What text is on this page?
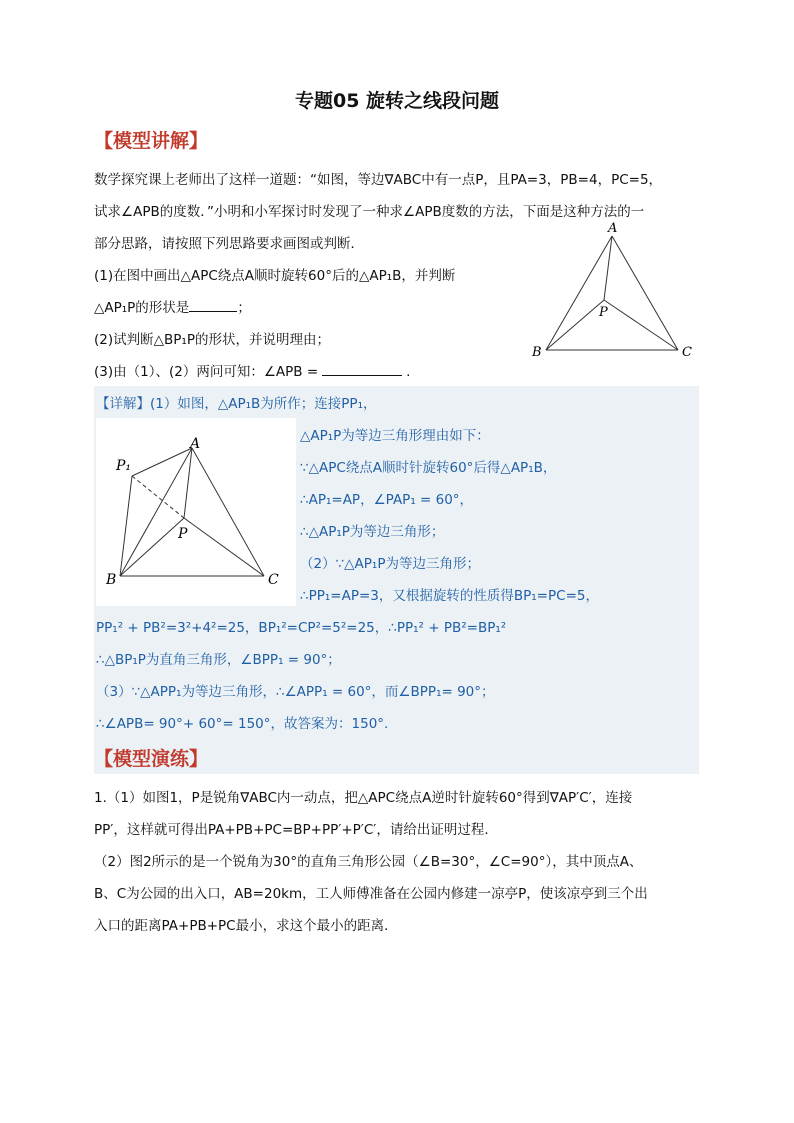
专题05 旋转之线段问题
【模型讲解】
数学探究课上老师出了这样一道题：“如图，等边∇ABC中有一点P，且PA=3，PB=4，PC=5，
试求∠APB的度数．”小明和小军探讨时发现了一种求∠APB度数的方法，下面是这种方法的一
部分思路，请按照下列思路要求画图或判断．
(1)在图中画出△APC绕点A顺时旋转60°后的△AP₁B，并判断
△AP₁P的形状是	；
(2)试判断△BP₁P的形状，并说明理由；
(3)由（1）、(2）两问可知：∠APB =	.
A
B	C
P
【详解】(1）如图，△AP₁B为所作；连接PP₁，
A
B	C
P
P₁
△AP₁P为等边三角形理由如下：
∵△APC绕点A顺时针旋转60°后得△AP₁B，
∴AP₁=AP，∠PAP₁ = 60°，
∴△AP₁P为等边三角形；
（2）∵△AP₁P为等边三角形；
∴PP₁=AP=3，又根据旋转的性质得BP₁=PC=5，
PP₁² + PB²=3²+4²=25，BP₁²=CP²=5²=25，∴PP₁² + PB²=BP₁²
∴△BP₁P为直角三角形，∠BPP₁ = 90°；
（3）∵△APP₁为等边三角形，∴∠APP₁ = 60°，而∠BPP₁= 90°；
∴∠APB= 90°+ 60°= 150°，故答案为：150°.
【模型演练】
1.（1）如图1，P是锐角∇ABC内一动点，把△APC绕点A逆时针旋转60°得到∇AP′C′，连接
PP′，这样就可得出PA+PB+PC=BP+PP′+P′C′，请给出证明过程．
（2）图2所示的是一个锐角为30°的直角三角形公园（∠B=30°，∠C=90°），其中顶点A、
B、C为公园的出入口，AB=20km，工人师傅准备在公园内修建一凉亭P，使该凉亭到三个出
入口的距离PA+PB+PC最小，求这个最小的距离．
